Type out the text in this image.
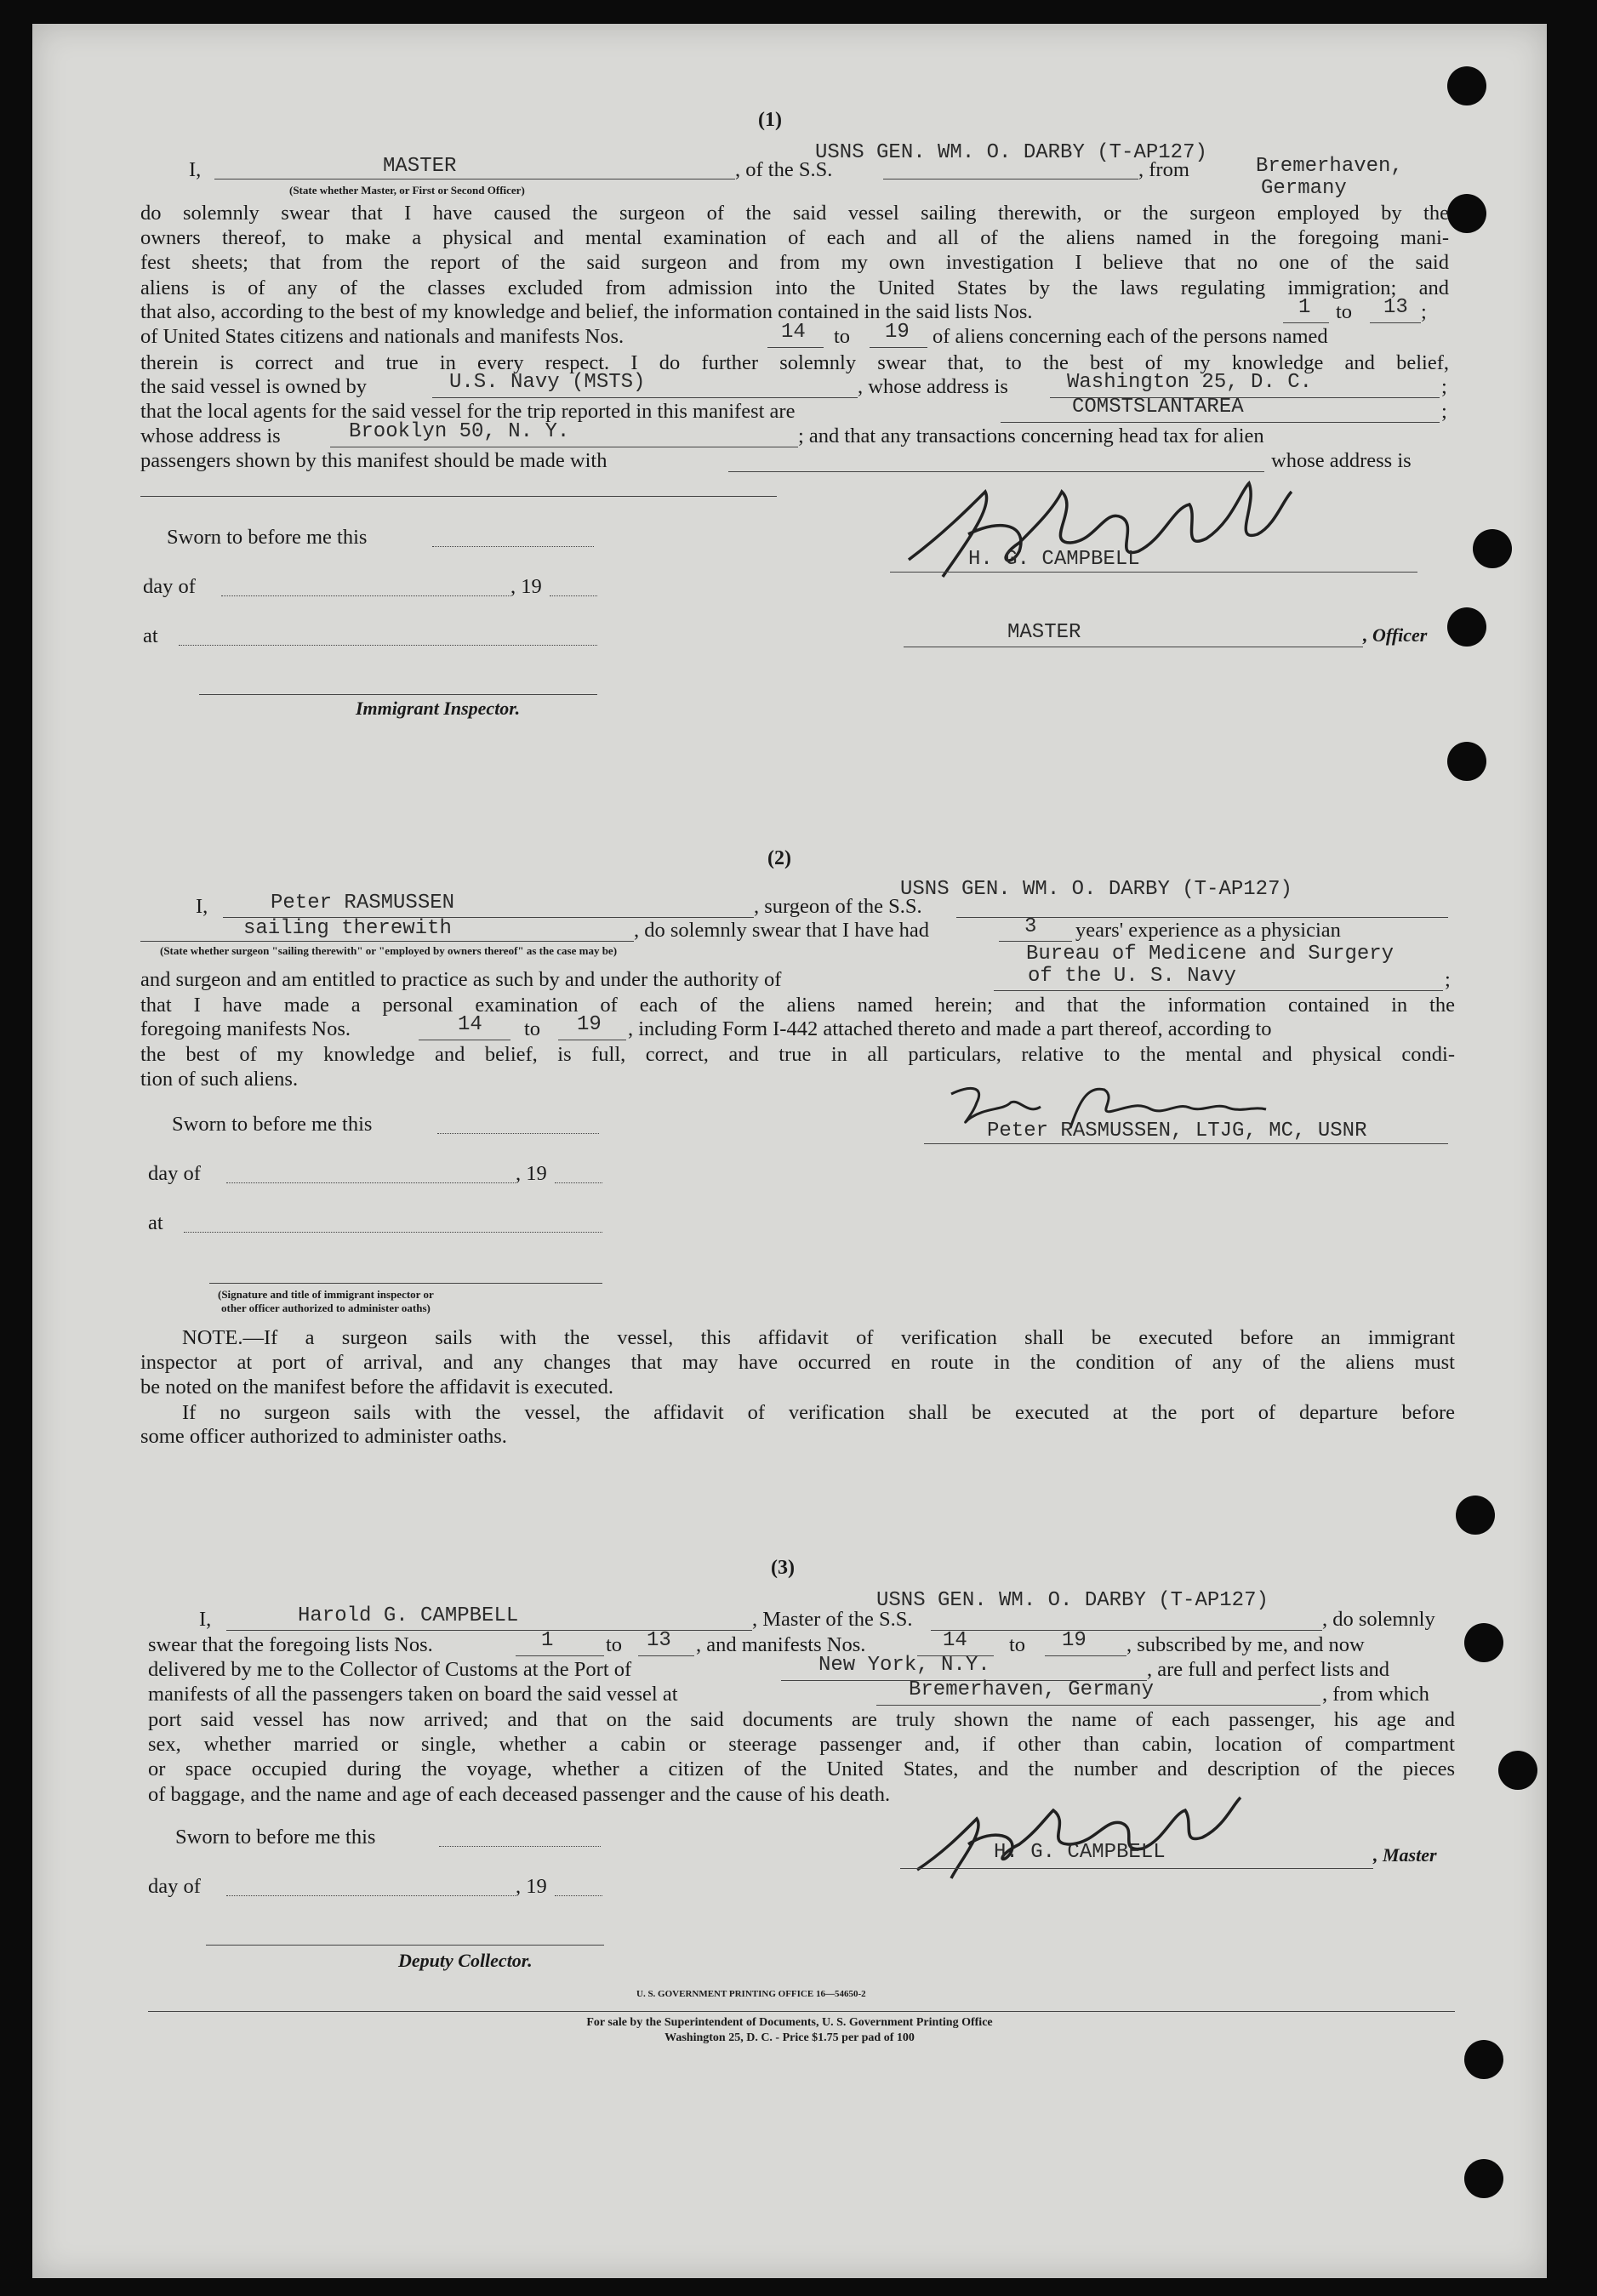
(1)
I,	MASTER
(State whether Master, or First or Second Officer)
, of the S.S.
USNS GEN. WM. O. DARBY (T-AP127)
, from	Bremerhaven,
Germany
do solemnly swear that I have caused the surgeon of the said vessel sailing therewith, or the surgeon employed by the
owners thereof, to make a physical and mental examination of each and all of the aliens named in the foregoing mani-
fest sheets; that from the report of the said surgeon and from my own investigation I believe that no one of the said
aliens is of any of the classes excluded from admission into the United States by the laws regulating immigration; and
that also, according to the best of my knowledge and belief, the information contained in the said lists Nos.	1 to 13 ;
of United States citizens and nationals and manifests Nos.	14 to 19 of aliens concerning each of the persons named
therein is correct and true in every respect. I do further solemnly swear that, to the best of my knowledge and belief,
the said vessel is owned by	U.S. Navy (MSTS)	, whose address is	Washington 25, D. C.	;
that the local agents for the said vessel for the trip reported in this manifest are	COMSTSLANTAREA	;
whose address is	Brooklyn 50, N. Y.	; and that any transactions concerning head tax for alien
passengers shown by this manifest should be made with	whose address is
Sworn to before me this
day of	, 19
at
Immigrant Inspector.
H. G. CAMPBELL
MASTER	, Officer
(2)
I,	Peter RASMUSSEN	, surgeon of the S.S.
USNS GEN. WM. O. DARBY (T-AP127)
sailing therewith
(State whether surgeon "sailing therewith" or "employed by owners thereof" as the case may be)
, do solemnly swear that I have had	3 years' experience as a physician
Bureau of Medicene and Surgery
and surgeon and am entitled to practice as such by and under the authority of	of the U. S. Navy	;
that I have made a personal examination of each of the aliens named herein; and that the information contained in the
foregoing manifests Nos.	14 to 19 , including Form I-442 attached thereto and made a part thereof, according to
the best of my knowledge and belief, is full, correct, and true in all particulars, relative to the mental and physical condi-
tion of such aliens.
Sworn to before me this
day of	, 19
at
(Signature and title of immigrant inspector or
other officer authorized to administer oaths)
Peter RASMUSSEN, LTJG, MC, USNR
NOTE.—If a surgeon sails with the vessel, this affidavit of verification shall be executed before an immigrant
inspector at port of arrival, and any changes that may have occurred en route in the condition of any of the aliens must
be noted on the manifest before the affidavit is executed.
If no surgeon sails with the vessel, the affidavit of verification shall be executed at the port of departure before
some officer authorized to administer oaths.
(3)
I,	Harold G. CAMPBELL	, Master of the S.S.
USNS GEN. WM. O. DARBY (T-AP127)
, do solemnly
swear that the foregoing lists Nos.	1	to 13 , and manifests Nos.	14 to 19 , subscribed by me, and now
delivered by me to the Collector of Customs at the Port of	New York, N.Y.	, are full and perfect lists and
manifests of all the passengers taken on board the said vessel at	Bremerhaven, Germany	, from which
port said vessel has now arrived; and that on the said documents are truly shown the name of each passenger, his age and
sex, whether married or single, whether a cabin or steerage passenger and, if other than cabin, location of compartment
or space occupied during the voyage, whether a citizen of the United States, and the number and description of the pieces
of baggage, and the name and age of each deceased passenger and the cause of his death.
Sworn to before me this
day of	, 19
Deputy Collector.
H. G. CAMPBELL	, Master
U. S. GOVERNMENT PRINTING OFFICE 16—54650-2
For sale by the Superintendent of Documents, U. S. Government Printing Office
Washington 25, D. C. - Price $1.75 per pad of 100
